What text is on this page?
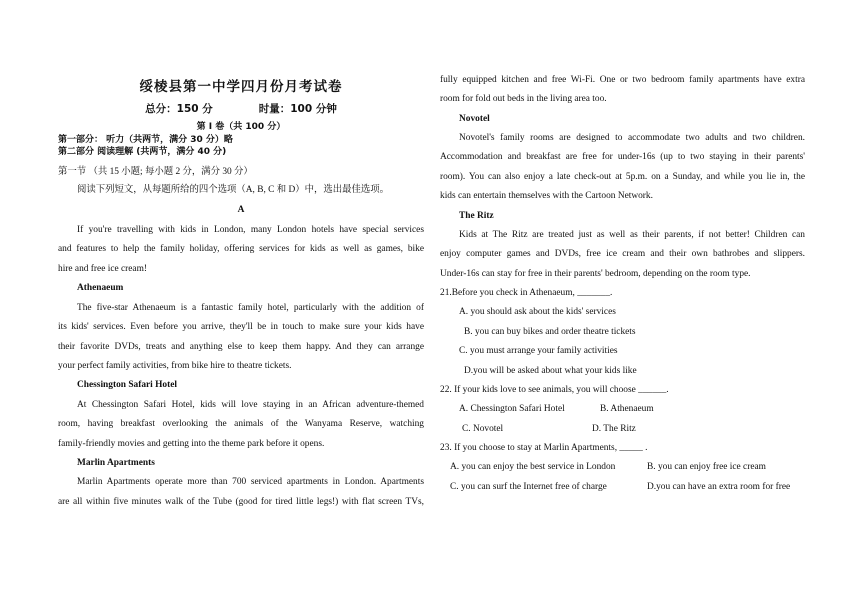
绥棱县第一中学四月份月考试卷
总分：150 分	时量：100 分钟
第 I 卷（共 100 分）
第一部分： 听力（共两节，满分 30 分）略
第二部分 阅读理解 (共两节，满分 40 分)
第一节 （共 15 小题; 每小题 2 分，满分 30 分）
阅读下列短文，从每题所给的四个选项（A, B, C 和 D）中，选出最佳选项。
A
If you're travelling with kids in London, many London hotels have special services
and features to help the family holiday, offering services for kids as well as games, bike
hire and free ice cream!
Athenaeum
The five-star Athenaeum is a fantastic family hotel, particularly with the addition of
its kids' services. Even before you arrive, they'll be in touch to make sure your kids have
their favorite DVDs, treats and anything else to keep them happy. And they can arrange
your perfect family activities, from bike hire to theatre tickets.
Chessington Safari Hotel
At Chessington Safari Hotel, kids will love staying in an African adventure-themed
room, having breakfast overlooking the animals of the Wanyama Reserve, watching
family-friendly movies and getting into the theme park before it opens.
Marlin Apartments
Marlin Apartments operate more than 700 serviced apartments in London. Apartments
are all within five minutes walk of the Tube (good for tired little legs!) with flat screen TVs,
fully equipped kitchen and free Wi-Fi. One or two bedroom family apartments have extra
room for fold out beds in the living area too.
Novotel
Novotel's family rooms are designed to accommodate two adults and two children.
Accommodation and breakfast are free for under-16s (up to two staying in their parents'
room). You can also enjoy a late check-out at 5p.m. on a Sunday, and while you lie in, the
kids can entertain themselves with the Cartoon Network.
The Ritz
Kids at The Ritz are treated just as well as their parents, if not better! Children can
enjoy computer games and DVDs, free ice cream and their own bathrobes and slippers.
Under-16s can stay for free in their parents' bedroom, depending on the room type.
21.Before you check in Athenaeum, _______.
A. you should ask about the kids' services
B. you can buy bikes and order theatre tickets
C. you must arrange your family activities
D.you will be asked about what your kids like
22. If your kids love to see animals, you will choose ______.
A. Chessington Safari Hotel	B. Athenaeum
C. Novotel	D. The Ritz
23. If you choose to stay at Marlin Apartments, _____ .
A. you can enjoy the best service in London	B. you can enjoy free ice cream
C. you can surf the Internet free of charge	D.you can have an extra room for free
